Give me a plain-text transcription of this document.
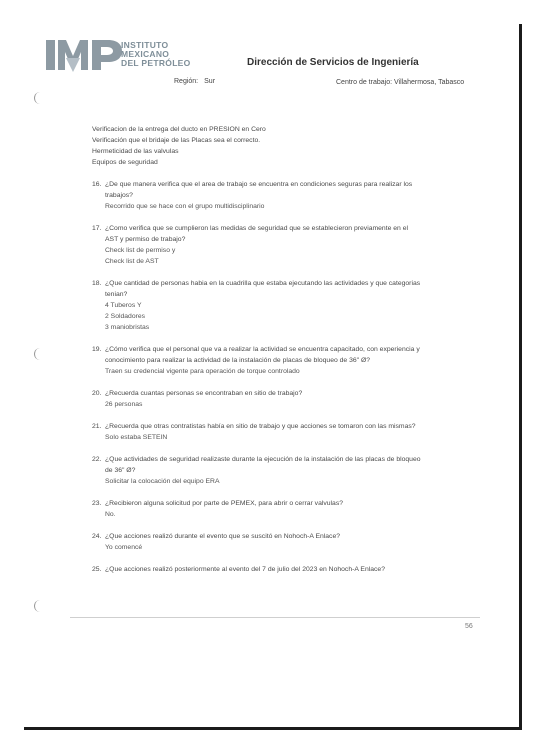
IMP
INSTITUTO
MEXICANO
DEL PETRÓLEO	Dirección de Servicios de Ingeniería
Región: Sur	Centro de trabajo: Villahermosa, Tabasco
Verificacion de la entrega del ducto en PRESION en Cero
Verificación que el bridaje de las Placas sea el correcto.
Hermeticidad de las valvulas
Equipos de seguridad
16. ¿De que manera verifica que el area de trabajo se encuentra en condiciones seguras para realizar los
trabajos?
Recorrido que se hace con el grupo multidisciplinario
17. ¿Como verifica que se cumplieron las medidas de seguridad que se establecieron previamente en el
AST y permiso de trabajo?
Check list de permiso y
Check list de AST
18. ¿Que cantidad de personas habia en la cuadrilla que estaba ejecutando las actividades y que categorias
tenian?
4 Tuberos Y
2 Soldadores
3 maniobristas
19. ¿Cómo verifica que el personal que va a realizar la actividad se encuentra capacitado, con experiencia y
conocimiento para realizar la actividad de la instalación de placas de bloqueo de 36" Ø?
Traen su credencial vigente para operación de torque controlado
20. ¿Recuerda cuantas personas se encontraban en sitio de trabajo?
26 personas
21. ¿Recuerda que otras contratistas había en sitio de trabajo y que acciones se tomaron con las mismas?
Solo estaba SETEIN
22. ¿Que actividades de seguridad realizaste durante la ejecución de la instalación de las placas de bloqueo
de 36" Ø?
Solicitar la colocación del equipo ERA
23. ¿Recibieron alguna solicitud por parte de PEMEX, para abrir o cerrar valvulas?
No.
24. ¿Que acciones realizó durante el evento que se suscitó en Nohoch-A Enlace?
Yo comencé
25. ¿Que acciones realizó posteriormente al evento del 7 de julio del 2023 en Nohoch-A Enlace?
56
